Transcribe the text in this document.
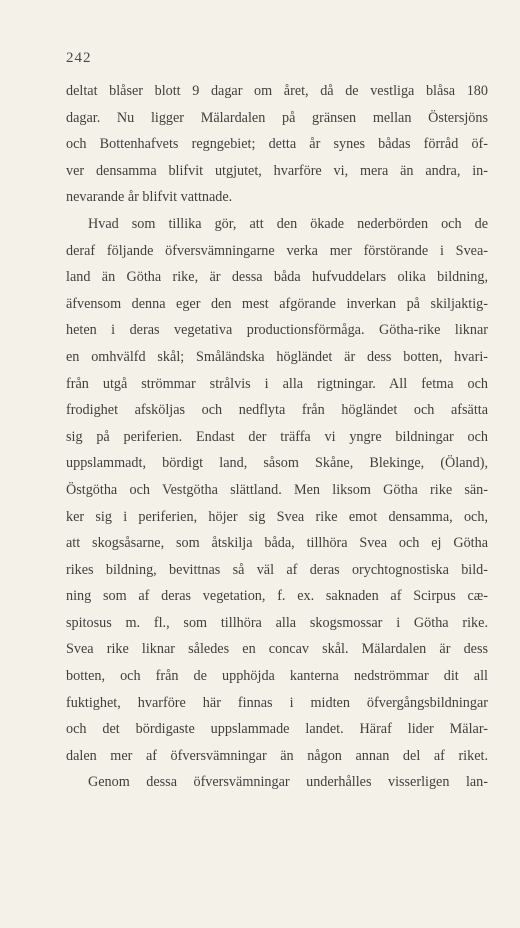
242
deltat blåser blott 9 dagar om året, då de vestliga blåsa 180
dagar. Nu ligger Mälardalen på gränsen mellan Östersjöns
och Bottenhafvets regngebiet; detta år synes bådas förråd öf-
ver densamma blifvit utgjutet, hvarföre vi, mera än andra, in-
nevarande år blifvit vattnade.
Hvad som tillika gör, att den ökade nederbörden och de
deraf följande öfversvämningarne verka mer förstörande i Svea-
land än Götha rike, är dessa båda hufvuddelars olika bildning,
äfvensom denna eger den mest afgörande inverkan på skiljaktig-
heten i deras vegetativa productionsförmåga. Götha-rike liknar
en omhvälfd skål; Småländska högländet är dess botten, hvari-
från utgå strömmar strålvis i alla rigtningar. All fetma och
frodighet afsköljas och nedflyta från högländet och afsätta
sig på periferien. Endast der träffa vi yngre bildningar och
uppslammadt, bördigt land, såsom Skåne, Blekinge, (Öland),
Östgötha och Vestgötha slättland. Men liksom Götha rike sän-
ker sig i periferien, höjer sig Svea rike emot densamma, och,
att skogsåsarne, som åtskilja båda, tillhöra Svea och ej Götha
rikes bildning, bevittnas så väl af deras orychtognostiska bild-
ning som af deras vegetation, f. ex. saknaden af Scirpus cæ-
spitosus m. fl., som tillhöra alla skogsmossar i Götha rike.
Svea rike liknar således en concav skål. Mälardalen är dess
botten, och från de upphöjda kanterna nedströmmar dit all
fuktighet, hvarföre här finnas i midten öfvergångsbildningar
och det bördigaste uppslammade landet. Häraf lider Mälar-
dalen mer af öfversvämningar än någon annan del af riket.
Genom dessa öfversvämningar underhålles visserligen lan-
